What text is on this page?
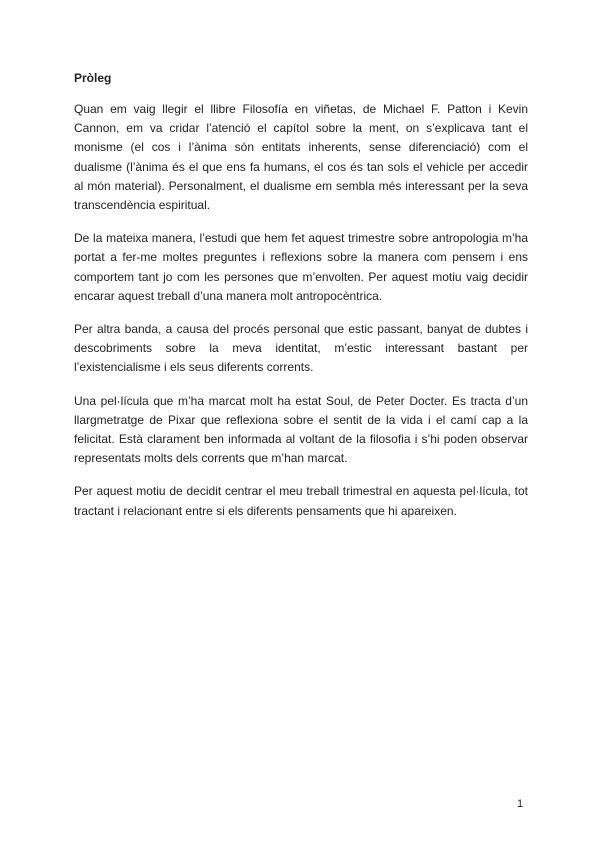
Pròleg

Quan em vaig llegir el llibre Filosofía en viñetas, de Michael F. Patton i Kevin Cannon, em va cridar l’atenció el capítol sobre la ment, on s’explicava tant el monisme (el cos i l’ànima són entitats inherents, sense diferenciació) com el dualisme (l’ànima és el que ens fa humans, el cos és tan sols el vehicle per accedir al món material). Personalment, el dualisme em sembla més interessant per la seva transcendència espiritual.

De la mateixa manera, l’estudi que hem fet aquest trimestre sobre antropologia m’ha portat a fer-me moltes preguntes i reflexions sobre la manera com pensem i ens comportem tant jo com les persones que m’envolten. Per aquest motiu vaig decidir encarar aquest treball d’una manera molt antropocèntrica.

Per altra banda, a causa del procés personal que estic passant, banyat de dubtes i descobriments sobre la meva identitat, m’estic interessant bastant per l’existencialisme i els seus diferents corrents.

Una pel·lícula que m’ha marcat molt ha estat Soul, de Peter Docter. Es tracta d’un llargmetratge de Pixar que reflexiona sobre el sentit de la vida i el camí cap a la felicitat. Està clarament ben informada al voltant de la filosofia i s’hi poden observar representats molts dels corrents que m’han marcat.

Per aquest motiu de decidit centrar el meu treball trimestral en aquesta pel·lícula, tot tractant i relacionant entre si els diferents pensaments que hi apareixen.

1
